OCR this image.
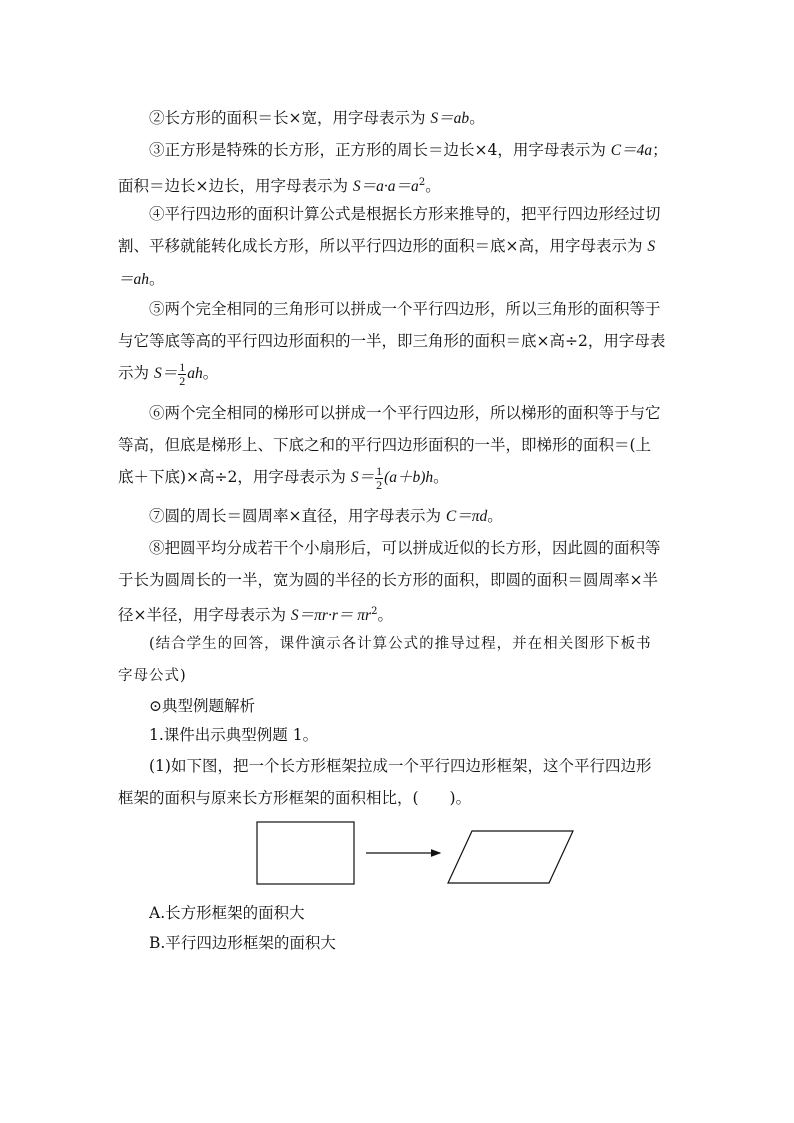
②长方形的面积＝长×宽，用字母表示为 S＝ab。

③正方形是特殊的长方形，正方形的周长＝边长×4，用字母表示为 C＝4a；
面积＝边长×边长，用字母表示为 $S=a\cdot a=a^2$。

④平行四边形的面积计算公式是根据长方形来推导的，把平行四边形经过切
割、平移就能转化成长方形，所以平行四边形的面积＝底×高，用字母表示为 S
＝ah。

⑤两个完全相同的三角形可以拼成一个平行四边形，所以三角形的面积等于
与它等底等高的平行四边形面积的一半，即三角形的面积＝底×高÷2，用字母表
示为 $S= \frac{1}{2}$ ah。

⑥两个完全相同的梯形可以拼成一个平行四边形，所以梯形的面积等于与它
等高，但底是梯形上、下底之和的平行四边形面积的一半，即梯形的面积＝(上
底＋下底)×高÷2，用字母表示为 $S= \frac{1}{2} (a+b)h$。

⑦圆的周长＝圆周率×直径，用字母表示为 C＝πd。

⑧把圆平均分成若干个小扇形后，可以拼成近似的长方形，因此圆的面积等
于长为圆周长的一半，宽为圆的半径的长方形的面积，即圆的面积＝圆周率×半
径×半径，用字母表示为 $S=\pi r\cdot r= \pi r^2$。

(结合学生的回答，课件演示各计算公式的推导过程，并在相关图形下板书
字母公式)

⊙典型例题解析

1.课件出示典型例题 1。

(1)如下图，把一个长方形框架拉成一个平行四边形框架，这个平行四边形
框架的面积与原来长方形框架的面积相比，(　　)。

A.长方形框架的面积大

B.平行四边形框架的面积大
